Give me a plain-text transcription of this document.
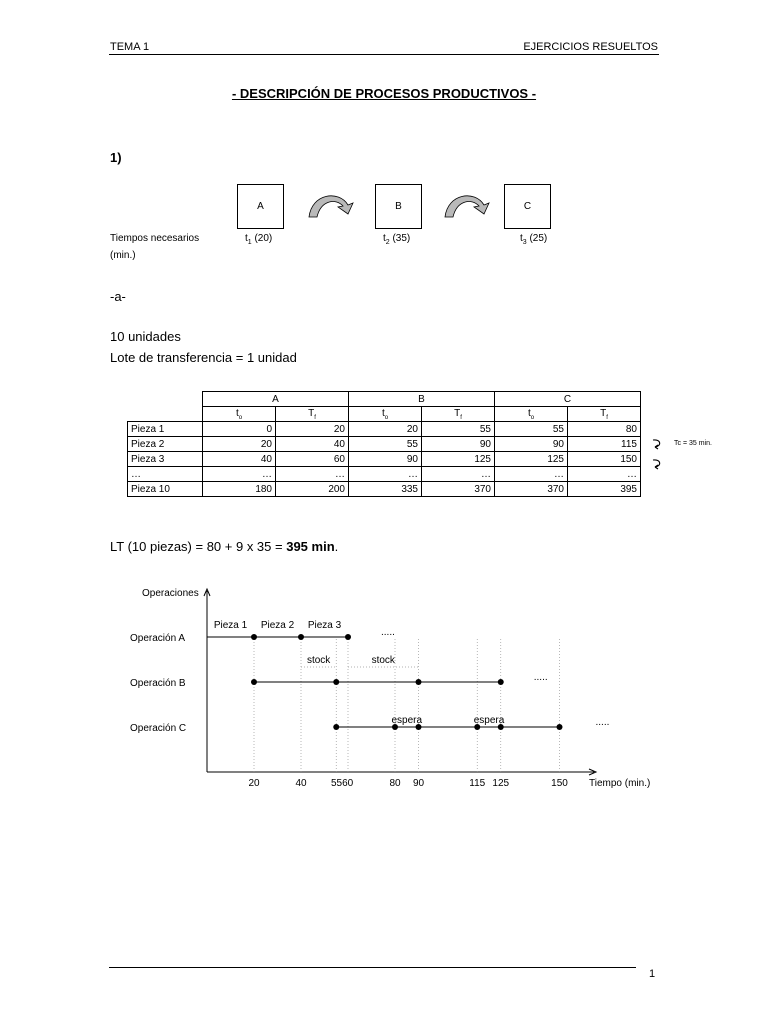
TEMA 1	EJERCICIOS RESUELTOS
- DESCRIPCIÓN DE PROCESOS PRODUCTIVOS -
1)
A	B	C
Tiempos necesarios
(min.)
$t_1$ (20)	$t_2$ (35)	$t_3$ (25)
-a-
10 unidades
Lote de transferencia = 1 unidad
	A		B		C	
	$t_o$	$T_f$	$t_o$	$T_f$	$t_o$	$T_f$
Pieza 1	0	20	20	55	55	80
Pieza 2	20	40	55	90	90	115
Pieza 3	40	60	90	125	125	150
…	…	…	…	…	…	…
Pieza 10	180	200	335	370	370	395
Tc = 35 min.
LT (10 piezas) = 80 + 9 x 35 = 395 min.
Operaciones
Tiempo (min.)
20	40 5560	80 90	115 125	150
Operación A
.....
Operación B
.....
Operación C
.....
Pieza 1 Pieza 2 Pieza 3
stock	stock
espera	espera
1
